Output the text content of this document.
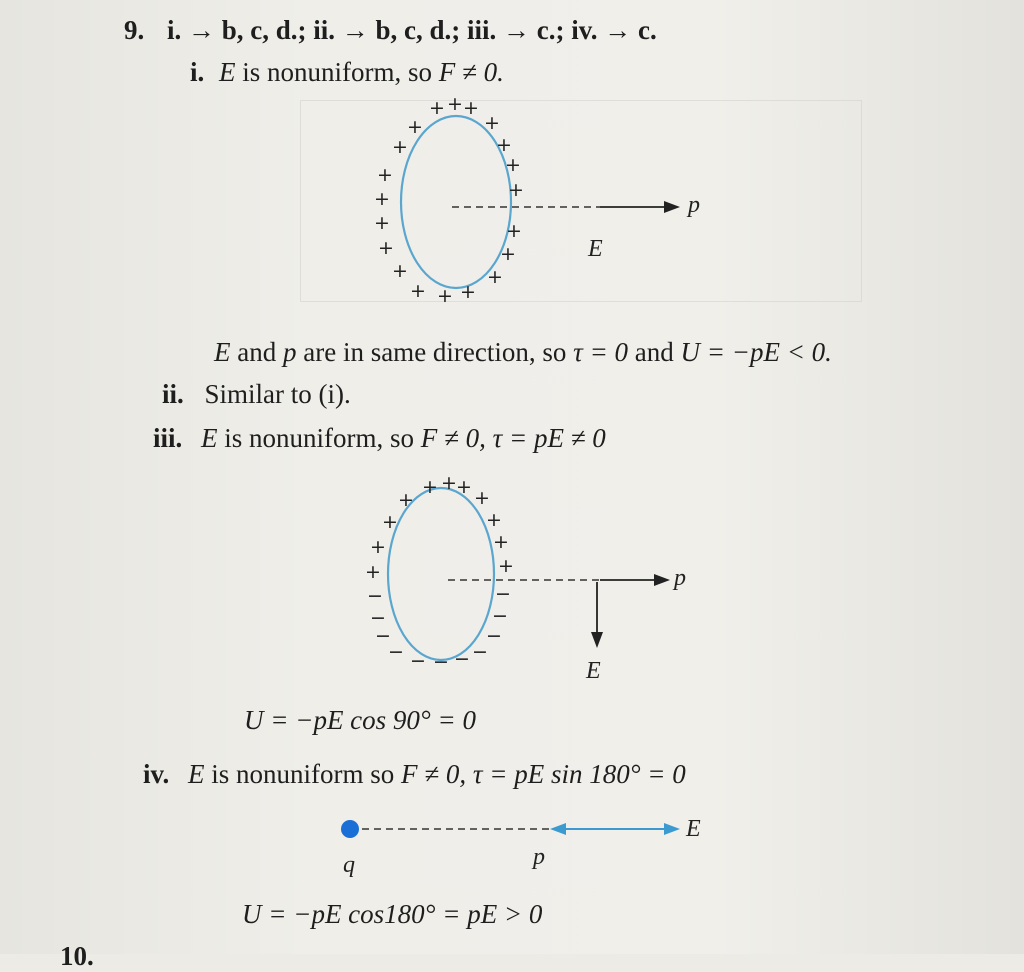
9. i. → b, c, d.; ii. → b, c, d.; iii. → c.; iv. → c.
i. E is nonuniform, so F ≠ 0.
+ + +
+	+
+	+
+	+
+	+
+	+
+	+
+	+
+ + +
p
E
E and p are in same direction, so τ = 0 and U = −pE < 0.
ii. Similar to (i).
iii. E is nonuniform, so F ≠ 0, τ = pE ≠ 0
+ + +
+	+
+	+
+	+
+	+
−	−
−	−
−	−
−	−
− − −
p
E
U = −pE cos 90° = 0
iv. E is nonuniform so F ≠ 0, τ = pE sin 180° = 0
E
q	p
U = −pE cos180° = pE > 0
10.
